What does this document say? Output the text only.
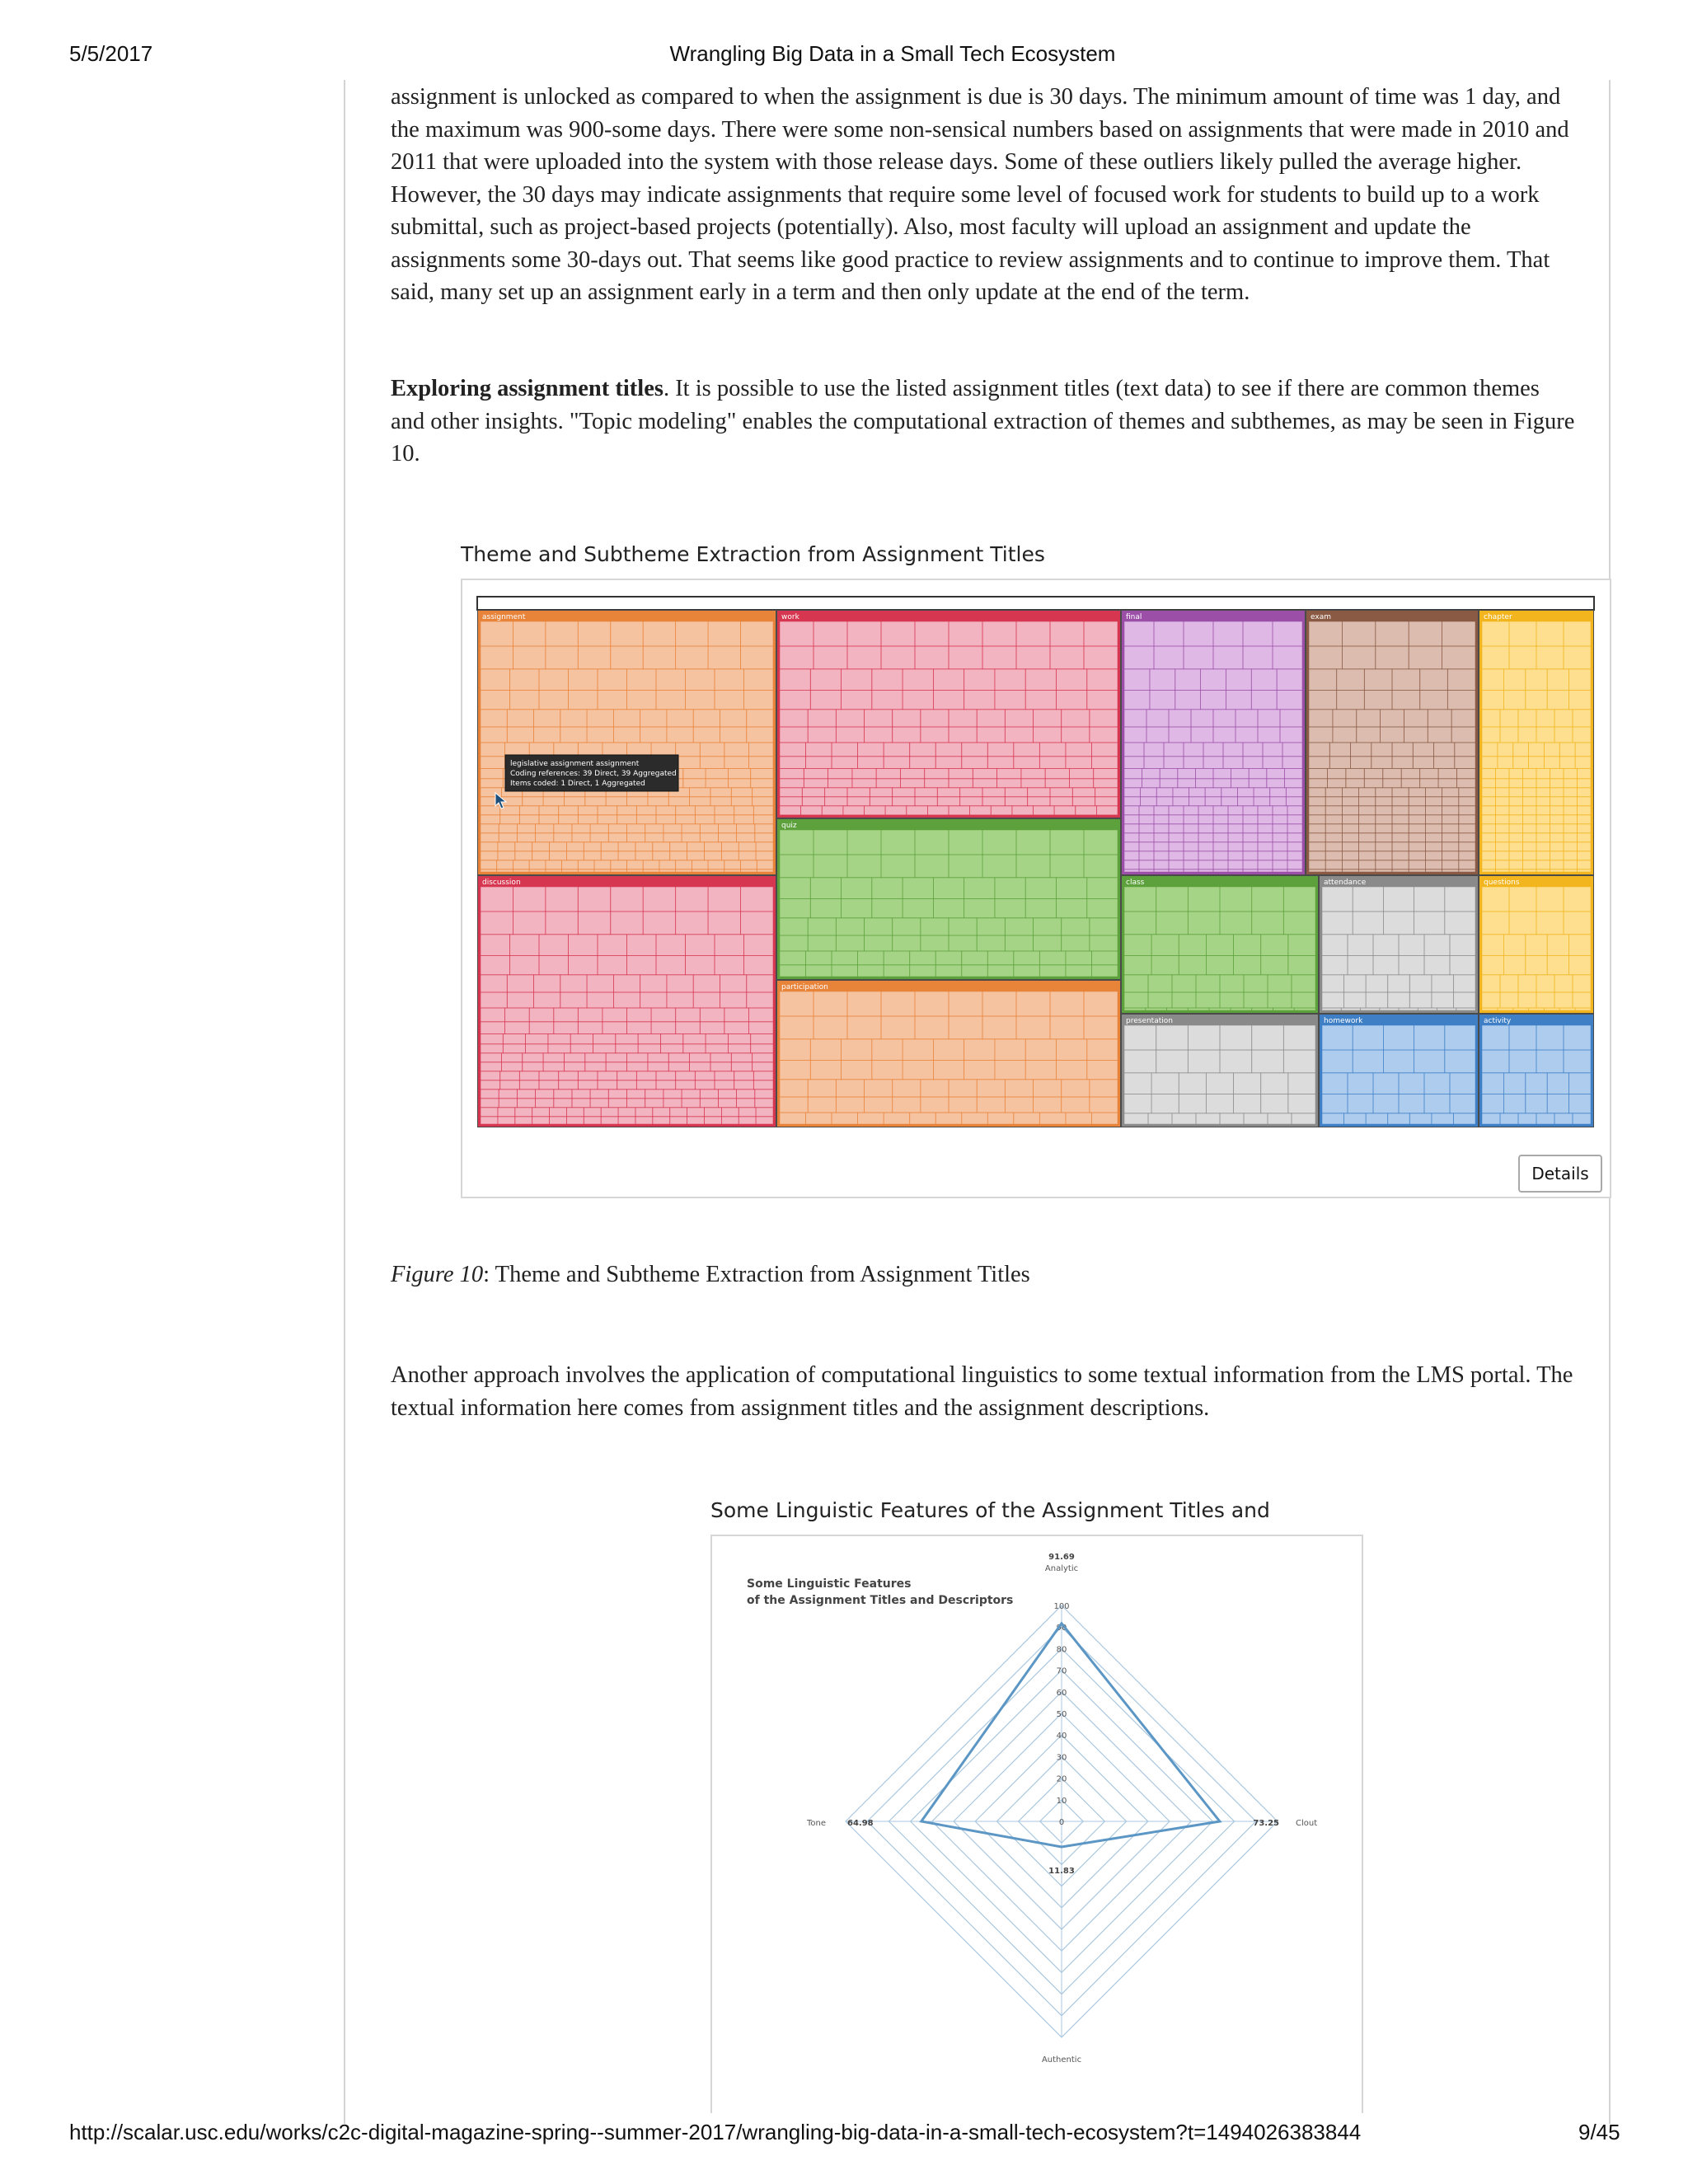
5/5/2017	Wrangling Big Data in a Small Tech Ecosystem

assignment is unlocked as compared to when the assignment is due is 30 days. The minimum amount of time was 1 day, and the maximum was 900-some days. There were some non-sensical numbers based on assignments that were made in 2010 and 2011 that were uploaded into the system with those release days. Some of these outliers likely pulled the average higher. However, the 30 days may indicate assignments that require some level of focused work for students to build up to a work submittal, such as project-based projects (potentially). Also, most faculty will upload an assignment and update the assignments some 30-days out. That seems like good practice to review assignments and to continue to improve them. That said, many set up an assignment early in a term and then only update at the end of the term.

Exploring assignment titles. It is possible to use the listed assignment titles (text data) to see if there are common themes and other insights. "Topic modeling" enables the computational extraction of themes and subthemes, as may be seen in Figure 10.

Theme and Subtheme Extraction from Assignment Titles
assignment	work	final	exam	chapter
discussion
quiz
class	attendance	questions
participation
presentation	homework	activity
legislative assignment assignment
Coding references: 39 Direct, 39 Aggregated
Items coded: 1 Direct, 1 Aggregated
Details
Figure 10: Theme and Subtheme Extraction from Assignment Titles

Another approach involves the application of computational linguistics to some textual information from the LMS portal. The textual information here comes from assignment titles and the assignment descriptions.

Some Linguistic Features of the Assignment Titles and
Some Linguistic Features
of the Assignment Titles and Descriptors
0
10
20
30
40
50
60
70
80
90
100
Analytic
Clout
Authentic
Tone
91.69
73.25
11.83
64.98
http://scalar.usc.edu/works/c2c-digital-magazine-spring--summer-2017/wrangling-big-data-in-a-small-tech-ecosystem?t=1494026383844	9/45
